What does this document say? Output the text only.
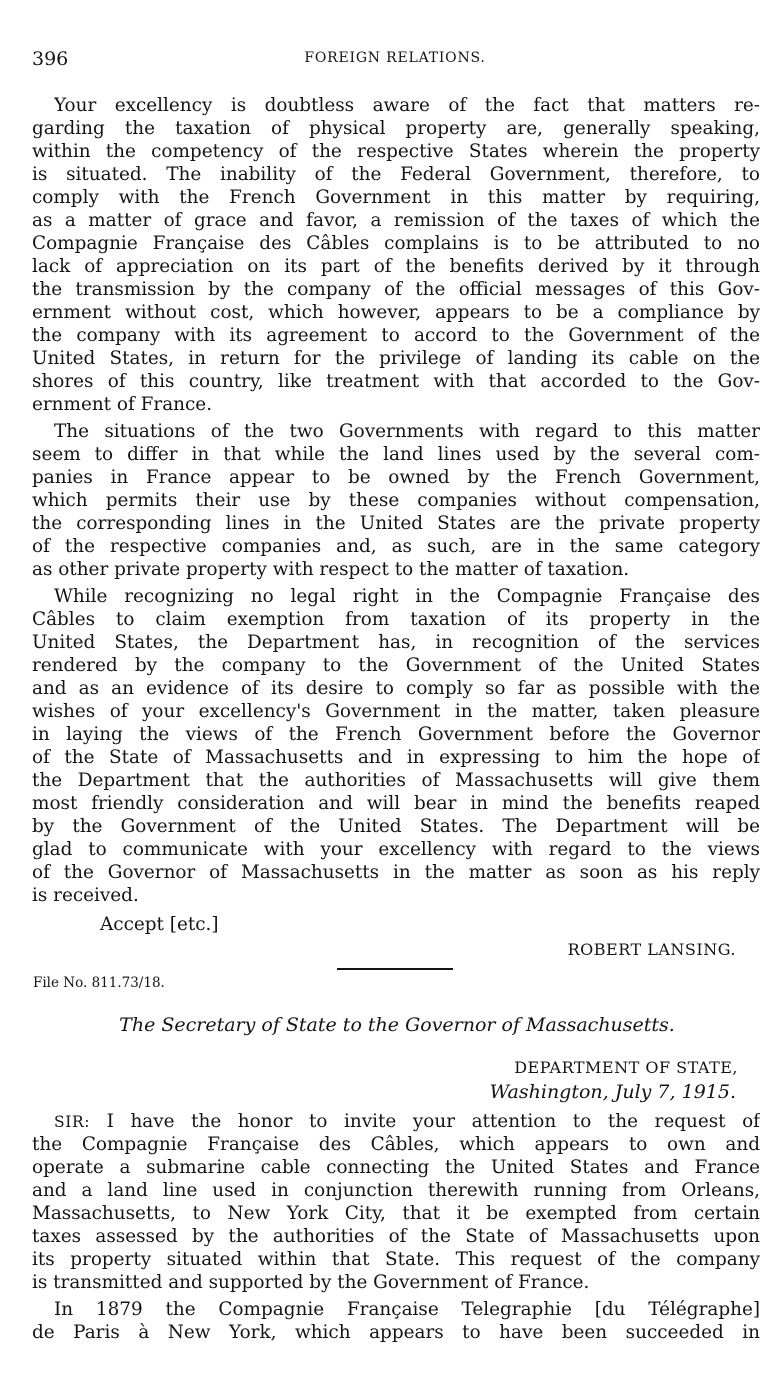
396	FOREIGN RELATIONS.
Your excellency is doubtless aware of the fact that matters re-
garding the taxation of physical property are, generally speaking,
within the competency of the respective States wherein the property
is situated. The inability of the Federal Government, therefore, to
comply with the French Government in this matter by requiring,
as a matter of grace and favor, a remission of the taxes of which the
Compagnie Française des Câbles complains is to be attributed to no
lack of appreciation on its part of the benefits derived by it through
the transmission by the company of the official messages of this Gov-
ernment without cost, which however, appears to be a compliance by
the company with its agreement to accord to the Government of the
United States, in return for the privilege of landing its cable on the
shores of this country, like treatment with that accorded to the Gov-
ernment of France.
The situations of the two Governments with regard to this matter
seem to differ in that while the land lines used by the several com-
panies in France appear to be owned by the French Government,
which permits their use by these companies without compensation,
the corresponding lines in the United States are the private property
of the respective companies and, as such, are in the same category
as other private property with respect to the matter of taxation.
While recognizing no legal right in the Compagnie Française des
Câbles to claim exemption from taxation of its property in the
United States, the Department has, in recognition of the services
rendered by the company to the Government of the United States
and as an evidence of its desire to comply so far as possible with the
wishes of your excellency's Government in the matter, taken pleasure
in laying the views of the French Government before the Governor
of the State of Massachusetts and in expressing to him the hope of
the Department that the authorities of Massachusetts will give them
most friendly consideration and will bear in mind the benefits reaped
by the Government of the United States. The Department will be
glad to communicate with your excellency with regard to the views
of the Governor of Massachusetts in the matter as soon as his reply
is received.
Accept [etc.]
ROBERT LANSING.
File No. 811.73/18.
The Secretary of State to the Governor of Massachusetts.
DEPARTMENT OF STATE,
Washington, July 7, 1915.
SIR: I have the honor to invite your attention to the request of
the Compagnie Française des Câbles, which appears to own and
operate a submarine cable connecting the United States and France
and a land line used in conjunction therewith running from Orleans,
Massachusetts, to New York City, that it be exempted from certain
taxes assessed by the authorities of the State of Massachusetts upon
its property situated within that State. This request of the company
is transmitted and supported by the Government of France.
In 1879 the Compagnie Française Telegraphie [du Télégraphe]
de Paris à New York, which appears to have been succeeded in
